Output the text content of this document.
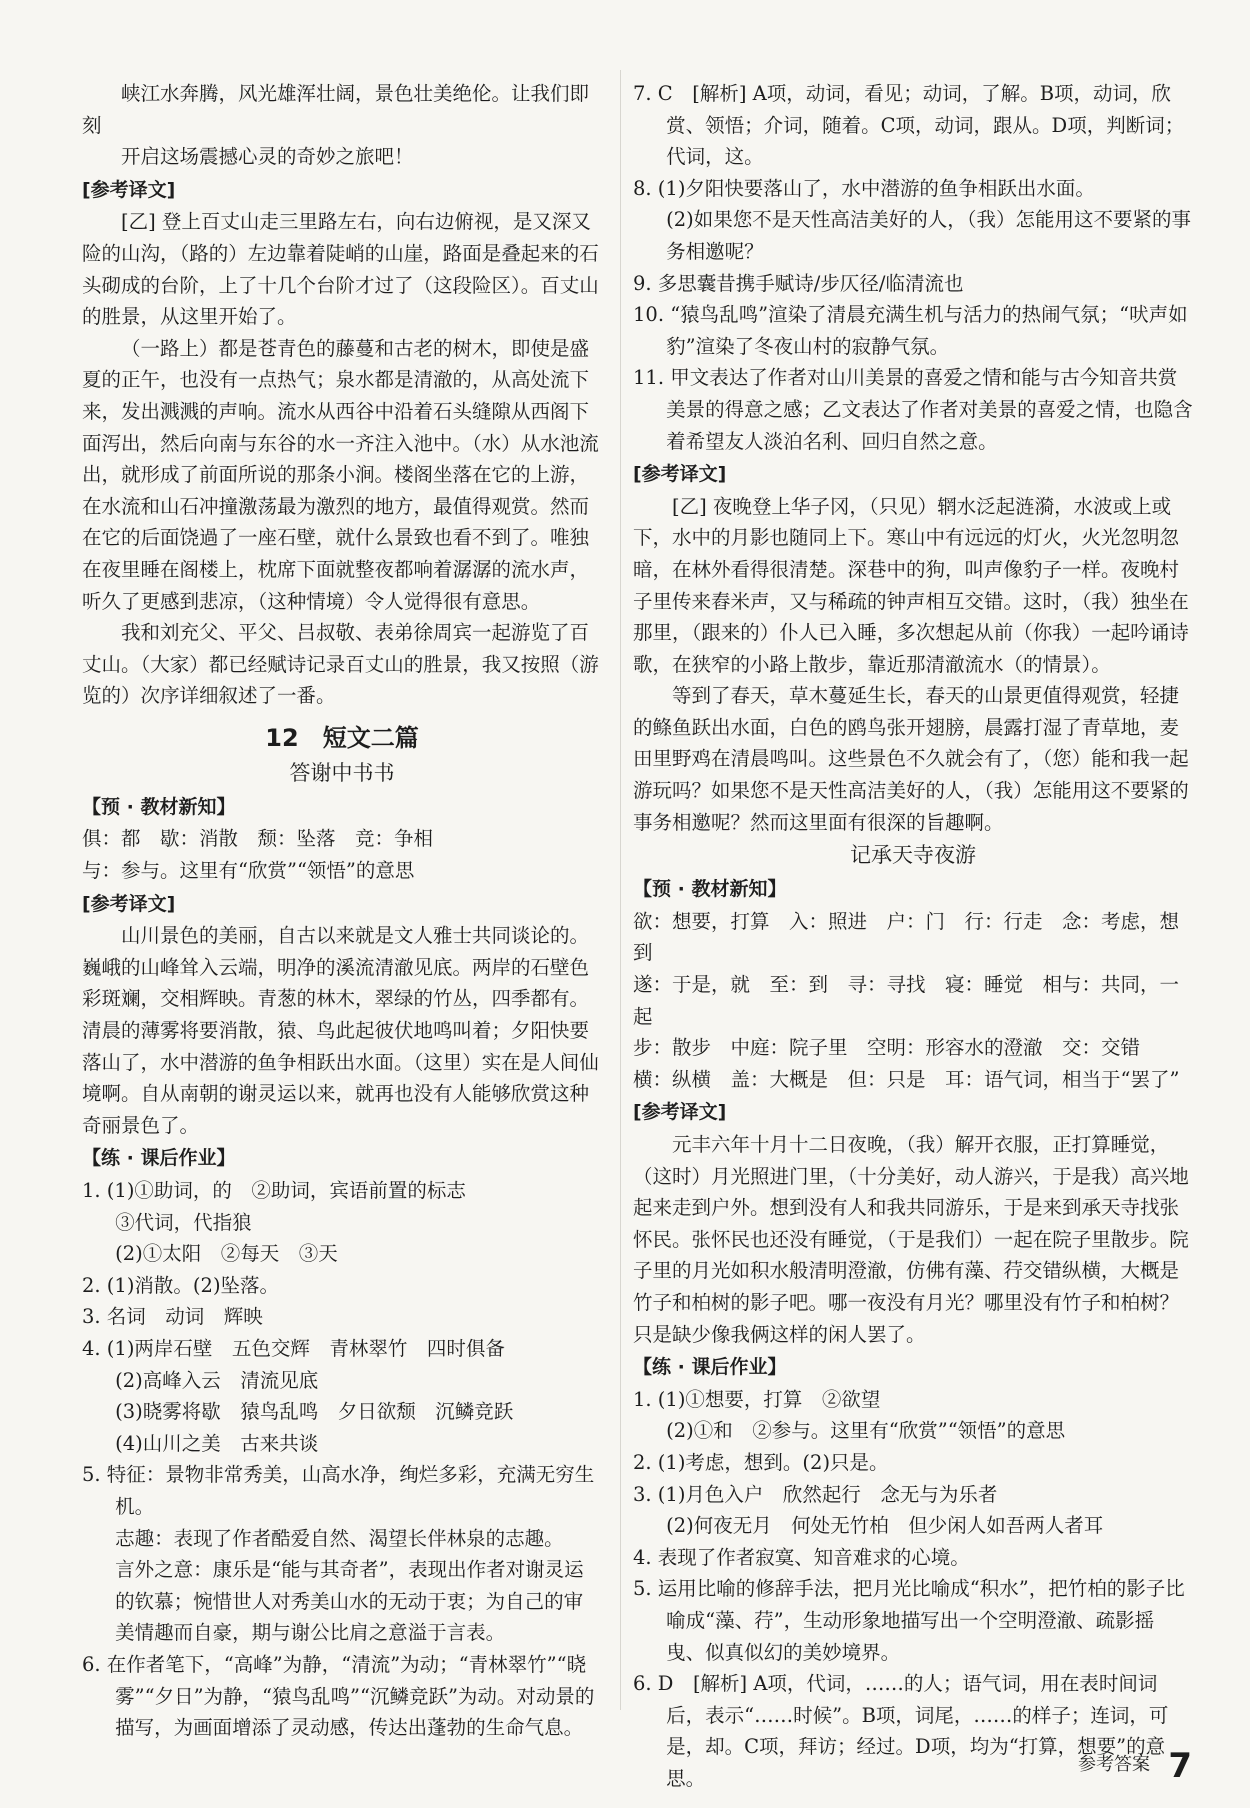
峡江水奔腾，风光雄浑壮阔，景色壮美绝伦。让我们即刻

开启这场震撼心灵的奇妙之旅吧！

[参考译文]

[乙] 登上百丈山走三里路左右，向右边俯视，是又深又险的山沟，（路的）左边靠着陡峭的山崖，路面是叠起来的石头砌成的台阶，上了十几个台阶才过了（这段险区）。百丈山的胜景，从这里开始了。

（一路上）都是苍青色的藤蔓和古老的树木，即使是盛夏的正午，也没有一点热气；泉水都是清澈的，从高处流下来，发出溅溅的声响。流水从西谷中沿着石头缝隙从西阁下面泻出，然后向南与东谷的水一齐注入池中。（水）从水池流出，就形成了前面所说的那条小涧。楼阁坐落在它的上游，在水流和山石冲撞激荡最为激烈的地方，最值得观赏。然而在它的后面饶過了一座石壁，就什么景致也看不到了。唯独在夜里睡在阁楼上，枕席下面就整夜都响着潺潺的流水声，听久了更感到悲凉，（这种情境）令人觉得很有意思。

我和刘充父、平父、吕叔敬、表弟徐周宾一起游览了百丈山。（大家）都已经赋诗记录百丈山的胜景，我又按照（游览的）次序详细叙述了一番。

12　短文二篇
答谢中书书

【预 · 教材新知】

俱：都　歇：消散　颓：坠落　竞：争相

与：参与。这里有“欣赏”“领悟”的意思

[参考译文]

山川景色的美丽，自古以来就是文人雅士共同谈论的。巍峨的山峰耸入云端，明净的溪流清澈见底。两岸的石壁色彩斑斓，交相辉映。青葱的林木，翠绿的竹丛，四季都有。清晨的薄雾将要消散，猿、鸟此起彼伏地鸣叫着；夕阳快要落山了，水中潜游的鱼争相跃出水面。（这里）实在是人间仙境啊。自从南朝的谢灵运以来，就再也没有人能够欣赏这种奇丽景色了。

【练 · 课后作业】

1. (1)①助词，的　②助词，宾语前置的标志

③代词，代指狼

(2)①太阳　②每天　③天

2. (1)消散。(2)坠落。

3. 名词　动词　辉映

4. (1)两岸石壁　五色交辉　青林翠竹　四时俱备

(2)高峰入云　清流见底

(3)晓雾将歇　猿鸟乱鸣　夕日欲颓　沉鳞竞跃

(4)山川之美　古来共谈

5. 特征：景物非常秀美，山高水净，绚烂多彩，充满无穷生机。

志趣：表现了作者酷爱自然、渴望长伴林泉的志趣。

言外之意：康乐是“能与其奇者”，表现出作者对谢灵运的钦慕；惋惜世人对秀美山水的无动于衷；为自己的审美情趣而自豪，期与谢公比肩之意溢于言表。

6. 在作者笔下，“高峰”为静，“清流”为动；“青林翠竹”“晓雾”“夕日”为静，“猿鸟乱鸣”“沉鳞竞跃”为动。对动景的描写，为画面增添了灵动感，传达出蓬勃的生命气息。

7. C　[解析] A项，动词，看见；动词，了解。B项，动词，欣赏、领悟；介词，随着。C项，动词，跟从。D项，判断词；代词，这。

8. (1)夕阳快要落山了，水中潜游的鱼争相跃出水面。

(2)如果您不是天性高洁美好的人，（我）怎能用这不要紧的事务相邀呢？

9. 多思囊昔携手赋诗/步仄径/临清流也

10. “猿鸟乱鸣”渲染了清晨充满生机与活力的热闹气氛；“吠声如豹”渲染了冬夜山村的寂静气氛。

11. 甲文表达了作者对山川美景的喜爱之情和能与古今知音共赏美景的得意之感；乙文表达了作者对美景的喜爱之情，也隐含着希望友人淡泊名利、回归自然之意。

[参考译文]

[乙] 夜晚登上华子冈，（只见）辋水泛起涟漪，水波或上或下，水中的月影也随同上下。寒山中有远远的灯火，火光忽明忽暗，在林外看得很清楚。深巷中的狗，叫声像豹子一样。夜晚村子里传来舂米声，又与稀疏的钟声相互交错。这时，（我）独坐在那里，（跟来的）仆人已入睡，多次想起从前（你我）一起吟诵诗歌，在狭窄的小路上散步，靠近那清澈流水（的情景）。

等到了春天，草木蔓延生长，春天的山景更值得观赏，轻捷的鲦鱼跃出水面，白色的鸥鸟张开翅膀，晨露打湿了青草地，麦田里野鸡在清晨鸣叫。这些景色不久就会有了，（您）能和我一起游玩吗？如果您不是天性高洁美好的人，（我）怎能用这不要紧的事务相邀呢？然而这里面有很深的旨趣啊。

记承天寺夜游

【预 · 教材新知】

欲：想要，打算　入：照进　户：门　行：行走　念：考虑，想到

遂：于是，就　至：到　寻：寻找　寝：睡觉　相与：共同，一起

步：散步　中庭：院子里　空明：形容水的澄澈　交：交错

横：纵横　盖：大概是　但：只是　耳：语气词，相当于“罢了”

[参考译文]

元丰六年十月十二日夜晚，（我）解开衣服，正打算睡觉，（这时）月光照进门里，（十分美好，动人游兴，于是我）高兴地起来走到户外。想到没有人和我共同游乐，于是来到承天寺找张怀民。张怀民也还没有睡觉，（于是我们）一起在院子里散步。院子里的月光如积水般清明澄澈，仿佛有藻、荇交错纵横，大概是竹子和柏树的影子吧。哪一夜没有月光？哪里没有竹子和柏树？只是缺少像我俩这样的闲人罢了。

【练 · 课后作业】

1. (1)①想要，打算　②欲望

(2)①和　②参与。这里有“欣赏”“领悟”的意思

2. (1)考虑，想到。(2)只是。

3. (1)月色入户　欣然起行　念无与为乐者

(2)何夜无月　何处无竹柏　但少闲人如吾两人者耳

4. 表现了作者寂寞、知音难求的心境。

5. 运用比喻的修辞手法，把月光比喻成“积水”，把竹柏的影子比喻成“藻、荇”，生动形象地描写出一个空明澄澈、疏影摇曳、似真似幻的美妙境界。

6. D　[解析] A项，代词，……的人；语气词，用在表时间词后，表示“……时候”。B项，词尾，……的样子；连词，可是，却。C项，拜访；经过。D项，均为“打算，想要”的意思。

参考答案 7
